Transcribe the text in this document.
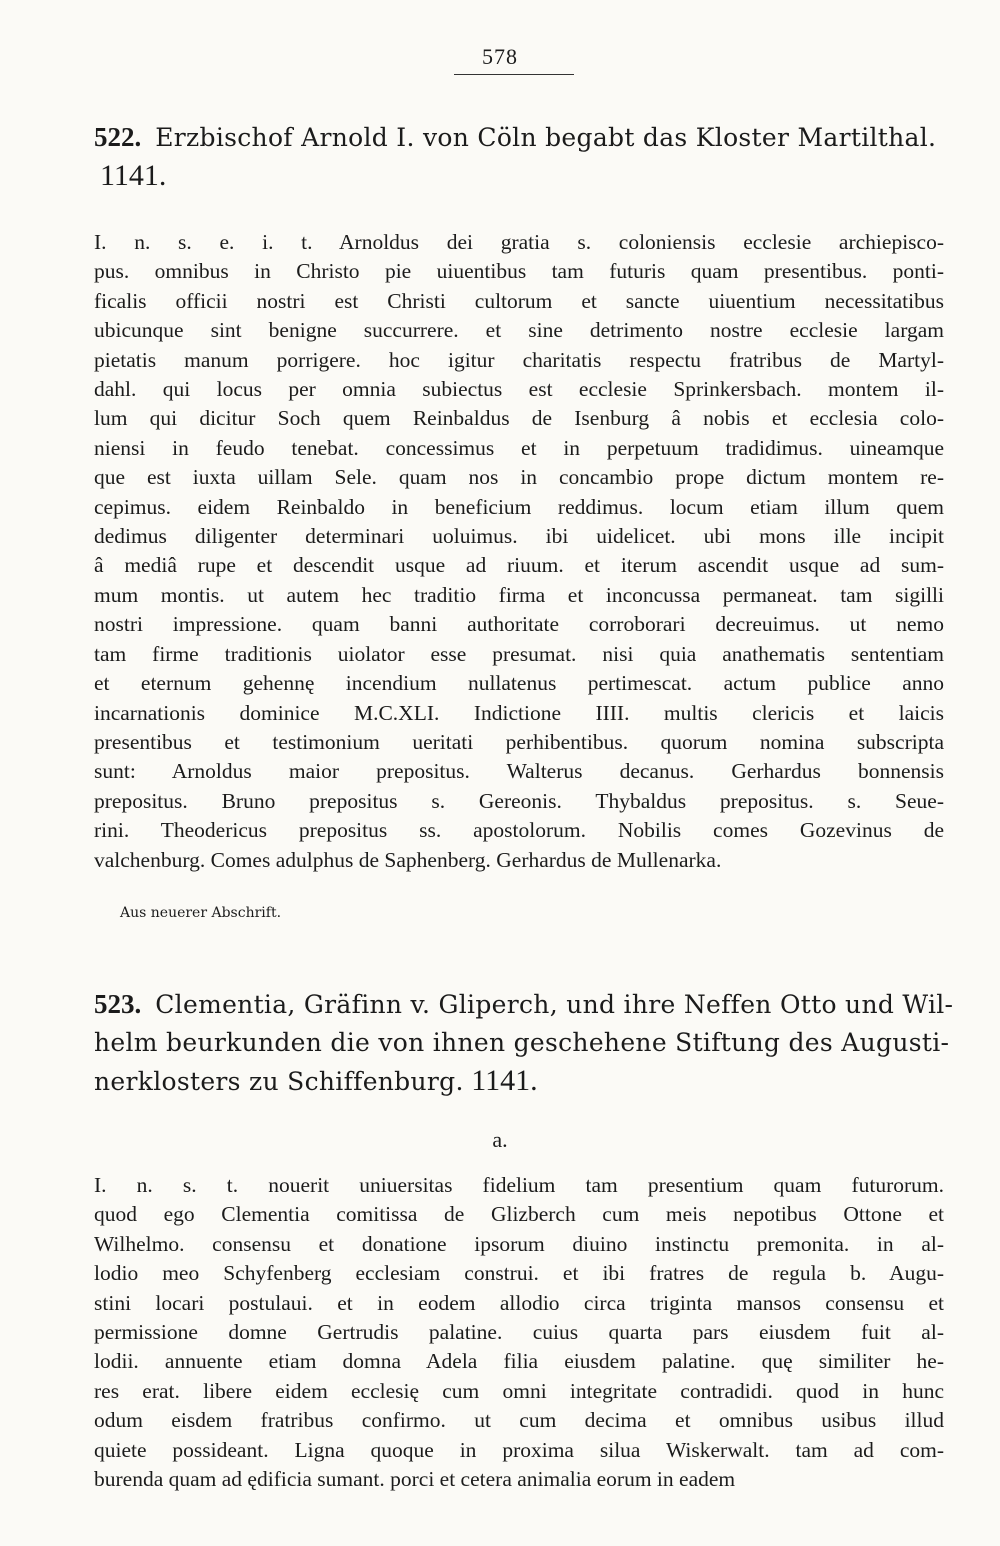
578
522. Erzbischof Arnold I. von Cöln begabt das Kloster Martilthal.
1141.
I. n. s. e. i. t. Arnoldus dei gratia s. coloniensis ecclesie archiepisco-
pus. omnibus in Christo pie uiuentibus tam futuris quam presentibus. ponti-
ficalis officii nostri est Christi cultorum et sancte uiuentium necessitatibus
ubicunque sint benigne succurrere. et sine detrimento nostre ecclesie largam
pietatis manum porrigere. hoc igitur charitatis respectu fratribus de Martyl-
dahl. qui locus per omnia subiectus est ecclesie Sprinkersbach. montem il-
lum qui dicitur Soch quem Reinbaldus de Isenburg â nobis et ecclesia colo-
niensi in feudo tenebat. concessimus et in perpetuum tradidimus. uineamque
que est iuxta uillam Sele. quam nos in concambio prope dictum montem re-
cepimus. eidem Reinbaldo in beneficium reddimus. locum etiam illum quem
dedimus diligenter determinari uoluimus. ibi uidelicet. ubi mons ille incipit
â mediâ rupe et descendit usque ad riuum. et iterum ascendit usque ad sum-
mum montis. ut autem hec traditio firma et inconcussa permaneat. tam sigilli
nostri impressione. quam banni authoritate corroborari decreuimus. ut nemo
tam firme traditionis uiolator esse presumat. nisi quia anathematis sententiam
et eternum gehennę incendium nullatenus pertimescat. actum publice anno
incarnationis dominice M.C.XLI. Indictione IIII. multis clericis et laicis
presentibus et testimonium ueritati perhibentibus. quorum nomina subscripta
sunt: Arnoldus maior prepositus. Walterus decanus. Gerhardus bonnensis
prepositus. Bruno prepositus s. Gereonis. Thybaldus prepositus. s. Seue-
rini. Theodericus prepositus ss. apostolorum. Nobilis comes Gozevinus de
valchenburg. Comes adulphus de Saphenberg. Gerhardus de Mullenarka.
Aus neuerer Abschrift.
523. Clementia, Gräfinn v. Gliperch, und ihre Neffen Otto und Wil-
helm beurkunden die von ihnen geschehene Stiftung des Augusti-
nerklosters zu Schiffenburg. 1141.
a.
I. n. s. t. nouerit uniuersitas fidelium tam presentium quam futurorum.
quod ego Clementia comitissa de Glizberch cum meis nepotibus Ottone et
Wilhelmo. consensu et donatione ipsorum diuino instinctu premonita. in al-
lodio meo Schyfenberg ecclesiam construi. et ibi fratres de regula b. Augu-
stini locari postulaui. et in eodem allodio circa triginta mansos consensu et
permissione domne Gertrudis palatine. cuius quarta pars eiusdem fuit al-
lodii. annuente etiam domna Adela filia eiusdem palatine. quę similiter he-
res erat. libere eidem ecclesię cum omni integritate contradidi. quod in hunc
odum eisdem fratribus confirmo. ut cum decima et omnibus usibus illud
quiete possideant. Ligna quoque in proxima silua Wiskerwalt. tam ad com-
burenda quam ad ędificia sumant. porci et cetera animalia eorum in eadem
